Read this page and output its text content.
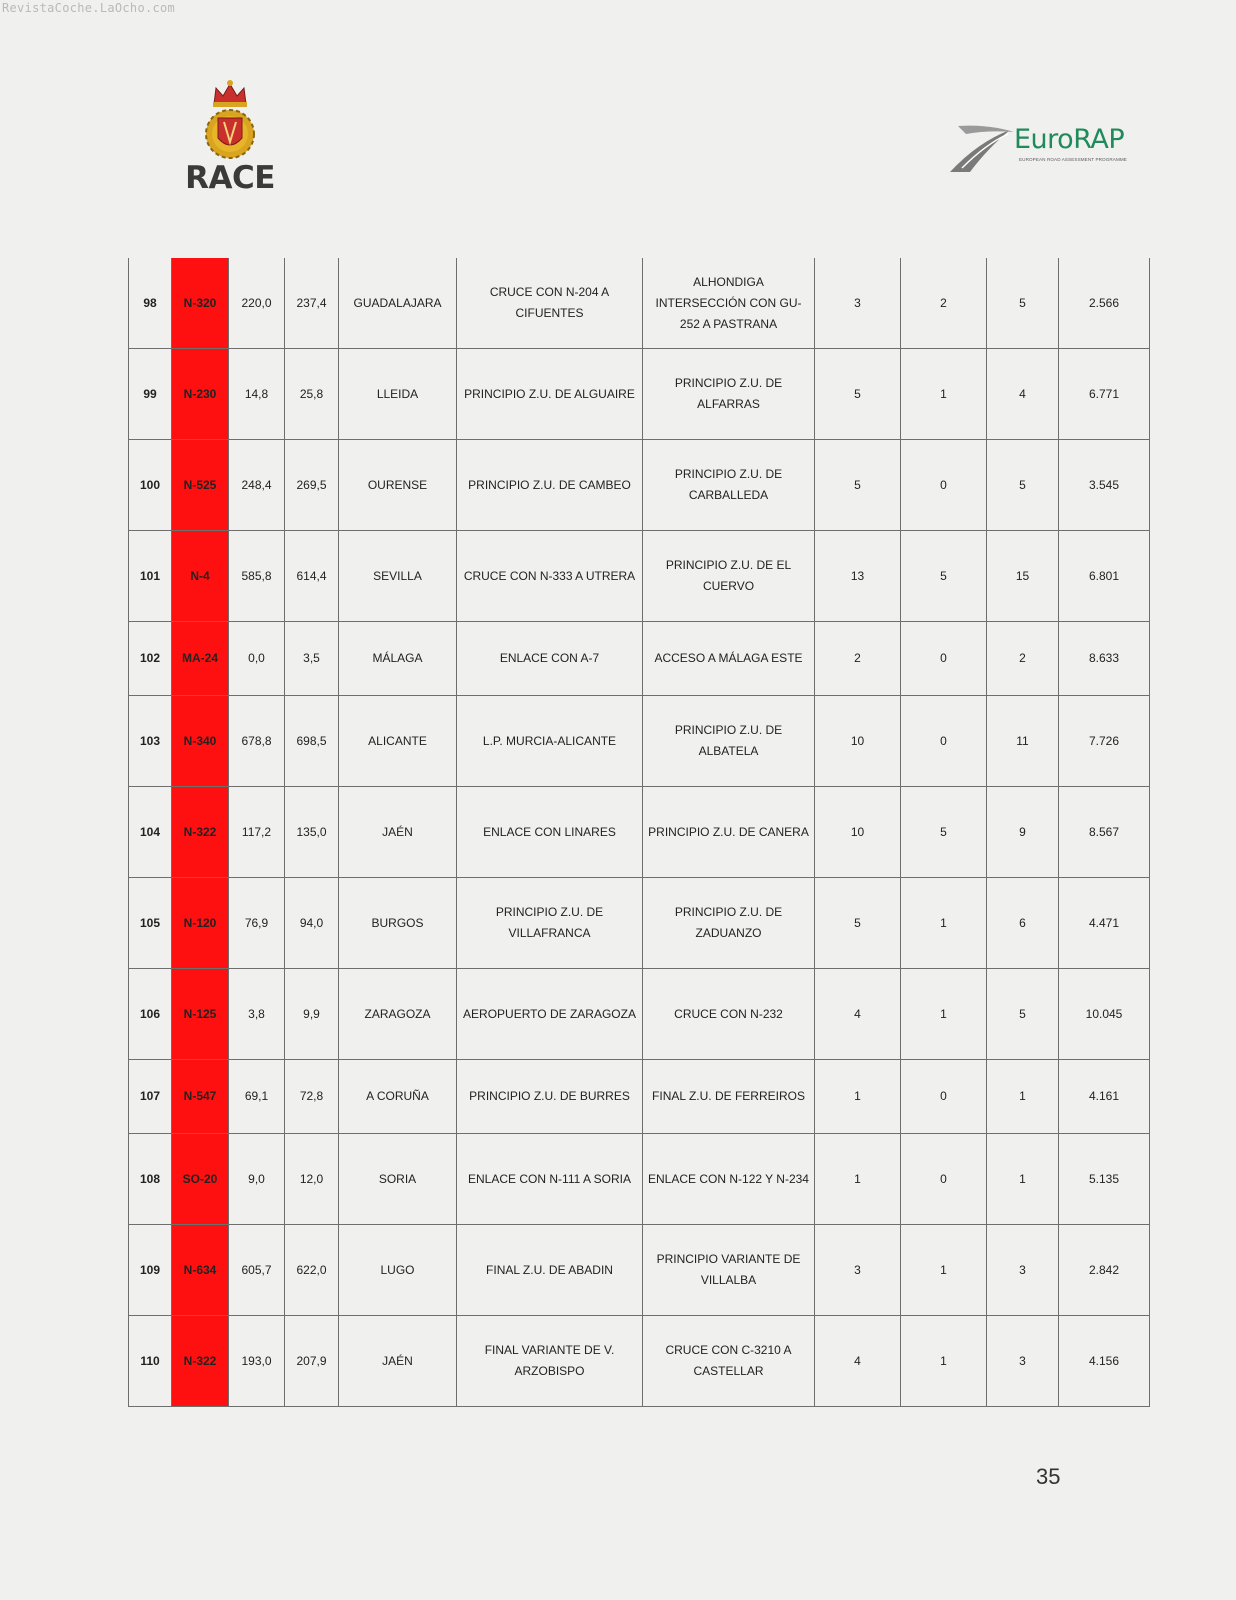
RevistaCoche.LaOcho.com
RACE
EuroRAP
EUROPEAN ROAD ASSESSMENT PROGRAMME
98	N-320	220,0	237,4	GUADALAJARA	CRUCE CON N-204 A CIFUENTES	ALHONDIGA INTERSECCIÓN CON GU-252 A PASTRANA	3	2	5	2.566
99	N-230	14,8	25,8	LLEIDA	PRINCIPIO Z.U. DE ALGUAIRE	PRINCIPIO Z.U. DE ALFARRAS	5	1	4	6.771
100	N-525	248,4	269,5	OURENSE	PRINCIPIO Z.U. DE CAMBEO	PRINCIPIO Z.U. DE CARBALLEDA	5	0	5	3.545
101	N-4	585,8	614,4	SEVILLA	CRUCE CON N-333 A UTRERA	PRINCIPIO Z.U. DE EL CUERVO	13	5	15	6.801
102	MA-24	0,0	3,5	MÁLAGA	ENLACE CON A-7	ACCESO A MÁLAGA ESTE	2	0	2	8.633
103	N-340	678,8	698,5	ALICANTE	L.P. MURCIA-ALICANTE	PRINCIPIO Z.U. DE ALBATELA	10	0	11	7.726
104	N-322	117,2	135,0	JAÉN	ENLACE CON LINARES	PRINCIPIO Z.U. DE CANERA	10	5	9	8.567
105	N-120	76,9	94,0	BURGOS	PRINCIPIO Z.U. DE VILLAFRANCA	PRINCIPIO Z.U. DE ZADUANZO	5	1	6	4.471
106	N-125	3,8	9,9	ZARAGOZA	AEROPUERTO DE ZARAGOZA	CRUCE CON N-232	4	1	5	10.045
107	N-547	69,1	72,8	A CORUÑA	PRINCIPIO Z.U. DE BURRES	FINAL Z.U. DE FERREIROS	1	0	1	4.161
108	SO-20	9,0	12,0	SORIA	ENLACE CON N-111 A SORIA	ENLACE CON N-122 Y N-234	1	0	1	5.135
109	N-634	605,7	622,0	LUGO	FINAL Z.U. DE ABADIN	PRINCIPIO VARIANTE DE VILLALBA	3	1	3	2.842
110	N-322	193,0	207,9	JAÉN	FINAL VARIANTE DE V. ARZOBISPO	CRUCE CON C-3210 A CASTELLAR	4	1	3	4.156
35
